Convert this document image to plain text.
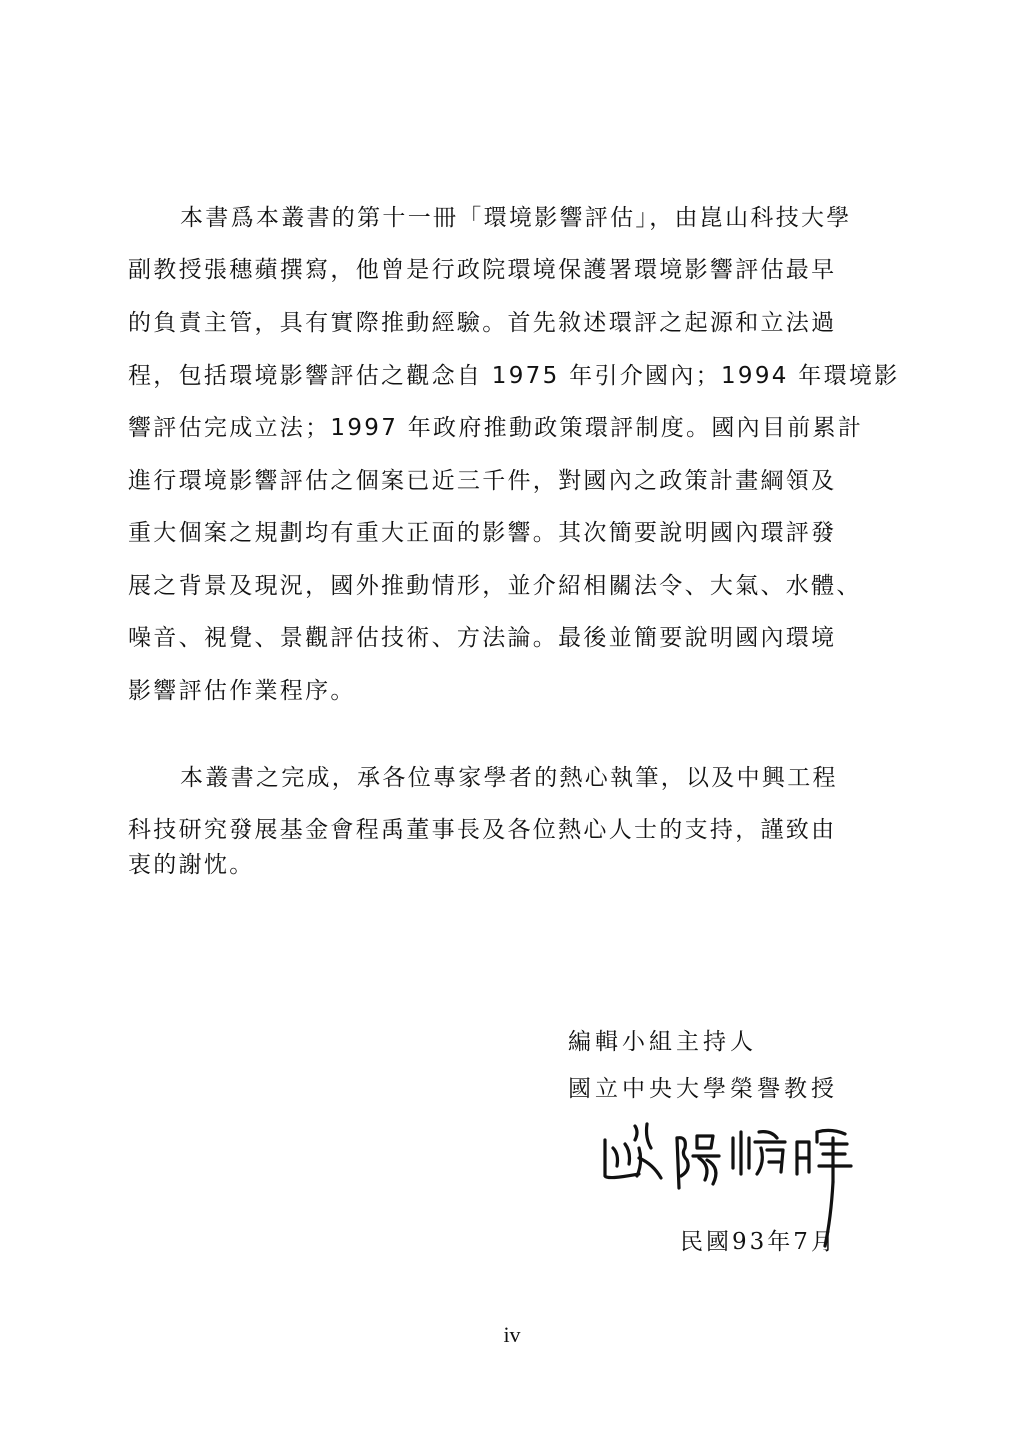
本書爲本叢書的第十一冊「環境影響評估」，由崑山科技大學
副教授張穗蘋撰寫，他曾是行政院環境保護署環境影響評估最早
的負責主管，具有實際推動經驗。首先敘述環評之起源和立法過
程，包括環境影響評估之觀念自 1975 年引介國內；1994 年環境影
響評估完成立法；1997 年政府推動政策環評制度。國內目前累計
進行環境影響評估之個案已近三千件，對國內之政策計畫綱領及
重大個案之規劃均有重大正面的影響。其次簡要說明國內環評發
展之背景及現況，國外推動情形，並介紹相關法令、大氣、水體、
噪音、視覺、景觀評估技術、方法論。最後並簡要說明國內環境
影響評估作業程序。
本叢書之完成，承各位專家學者的熱心執筆，以及中興工程
科技研究發展基金會程禹董事長及各位熱心人士的支持，謹致由
衷的謝忱。
編輯小組主持人
國立中央大學榮譽教授
民國93年7月
iv
